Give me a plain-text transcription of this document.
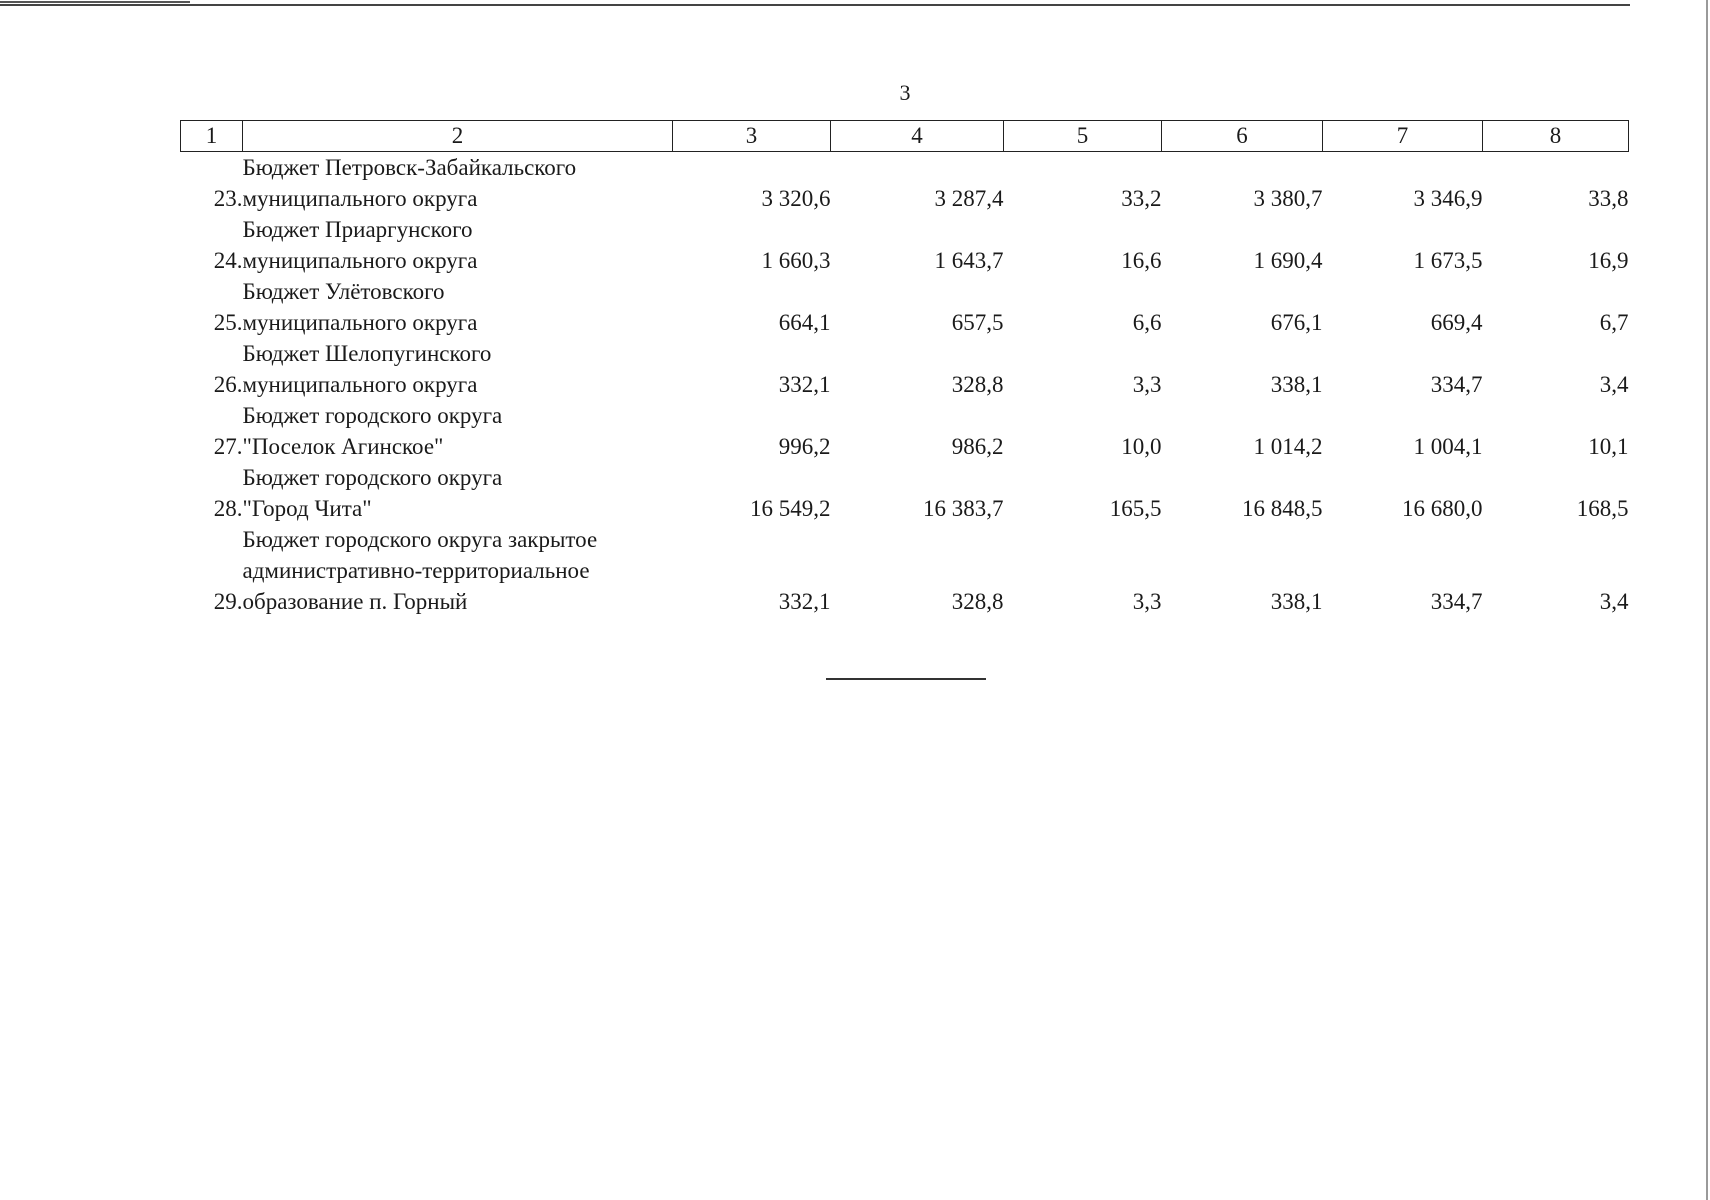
3
1	2	3	4	5	6	7	8
23.	Бюджет Петровск-Забайкальского
муниципального округа	3 320,6	3 287,4	33,2	3 380,7	3 346,9	33,8
24.	Бюджет Приаргунского
муниципального округа	1 660,3	1 643,7	16,6	1 690,4	1 673,5	16,9
25.	Бюджет Улётовского
муниципального округа	664,1	657,5	6,6	676,1	669,4	6,7
26.	Бюджет Шелопугинского
муниципального округа	332,1	328,8	3,3	338,1	334,7	3,4
27.	Бюджет городского округа
"Поселок Агинское"	996,2	986,2	10,0	1 014,2	1 004,1	10,1
28.	Бюджет городского округа
"Город Чита"	16 549,2	16 383,7	165,5	16 848,5	16 680,0	168,5
29.	Бюджет городского округа закрытое
административно-территориальное
образование п. Горный	332,1	328,8	3,3	338,1	334,7	3,4
